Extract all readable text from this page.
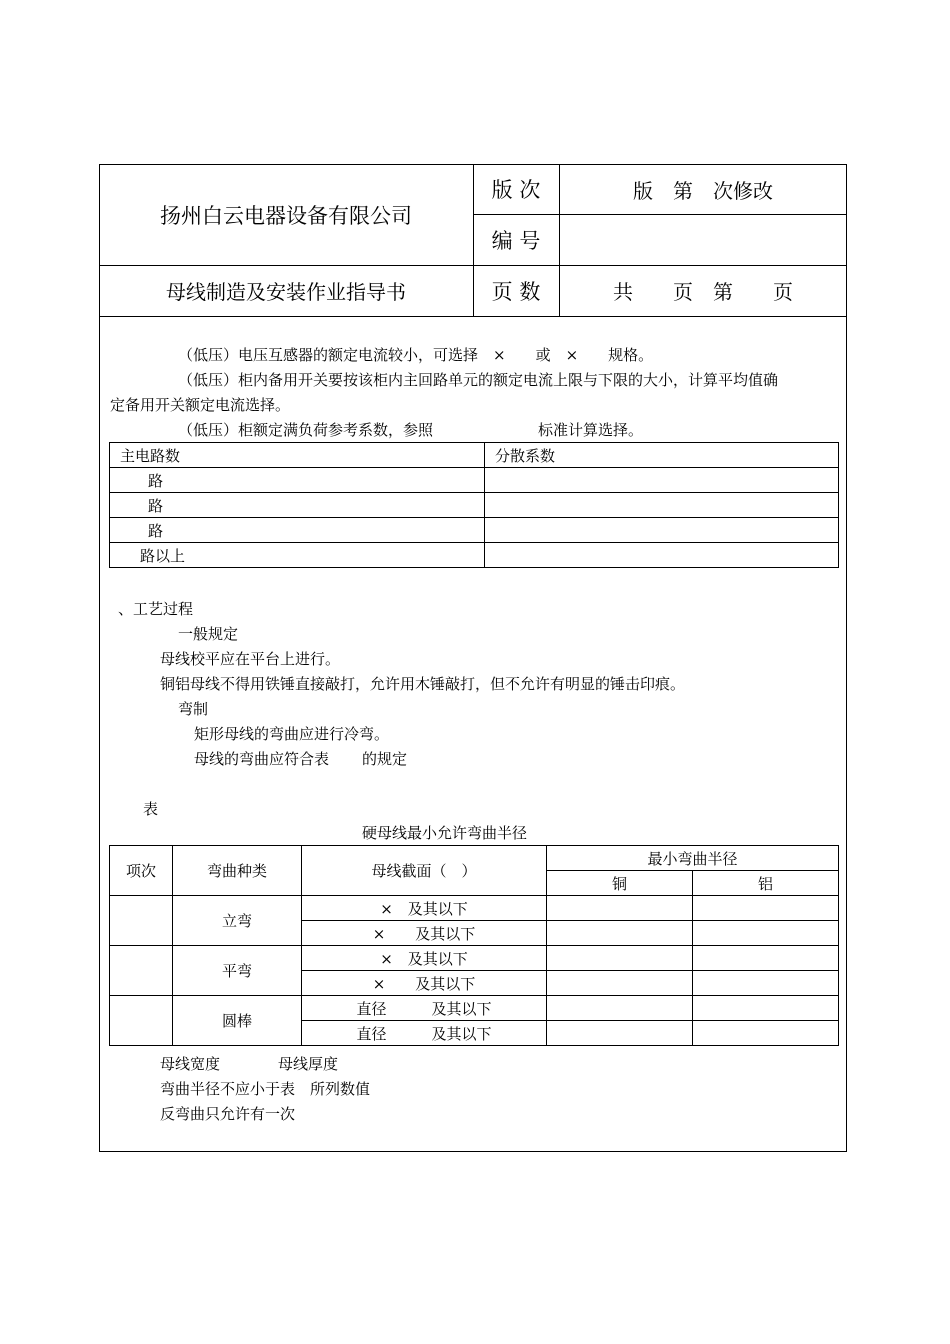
扬州白云电器设备有限公司
母线制造及安装作业指导书
版 次	版　第　次修改
编 号
页 数	共　　页　第　　页
（低压）电压互感器的额定电流较小，可选择　×　　或　×　　规格。
（低压）柜内备用开关要按该柜内主回路单元的额定电流上限与下限的大小，计算平均值确
定备用开关额定电流选择。
（低压）柜额定满负荷参考系数，参照	标准计算选择。
主电路数	分散系数
路	
路	
路	
路以上	
、工艺过程
一般规定
母线校平应在平台上进行。
铜铝母线不得用铁锤直接敲打，允许用木锤敲打，但不允许有明显的锤击印痕。
弯制
矩形母线的弯曲应进行冷弯。
母线的弯曲应符合表 的规定
表
硬母线最小允许弯曲半径
项次	弯曲种类	母线截面（　）	最小弯曲半径	
			铜	铝
	立弯	×　及其以下		
		×　　及其以下		
	平弯	×　及其以下		
		×　　及其以下		
	圆棒	直径　　　及其以下		
		直径　　　及其以下		
母线宽度	母线厚度
弯曲半径不应小于表　所列数值
反弯曲只允许有一次
